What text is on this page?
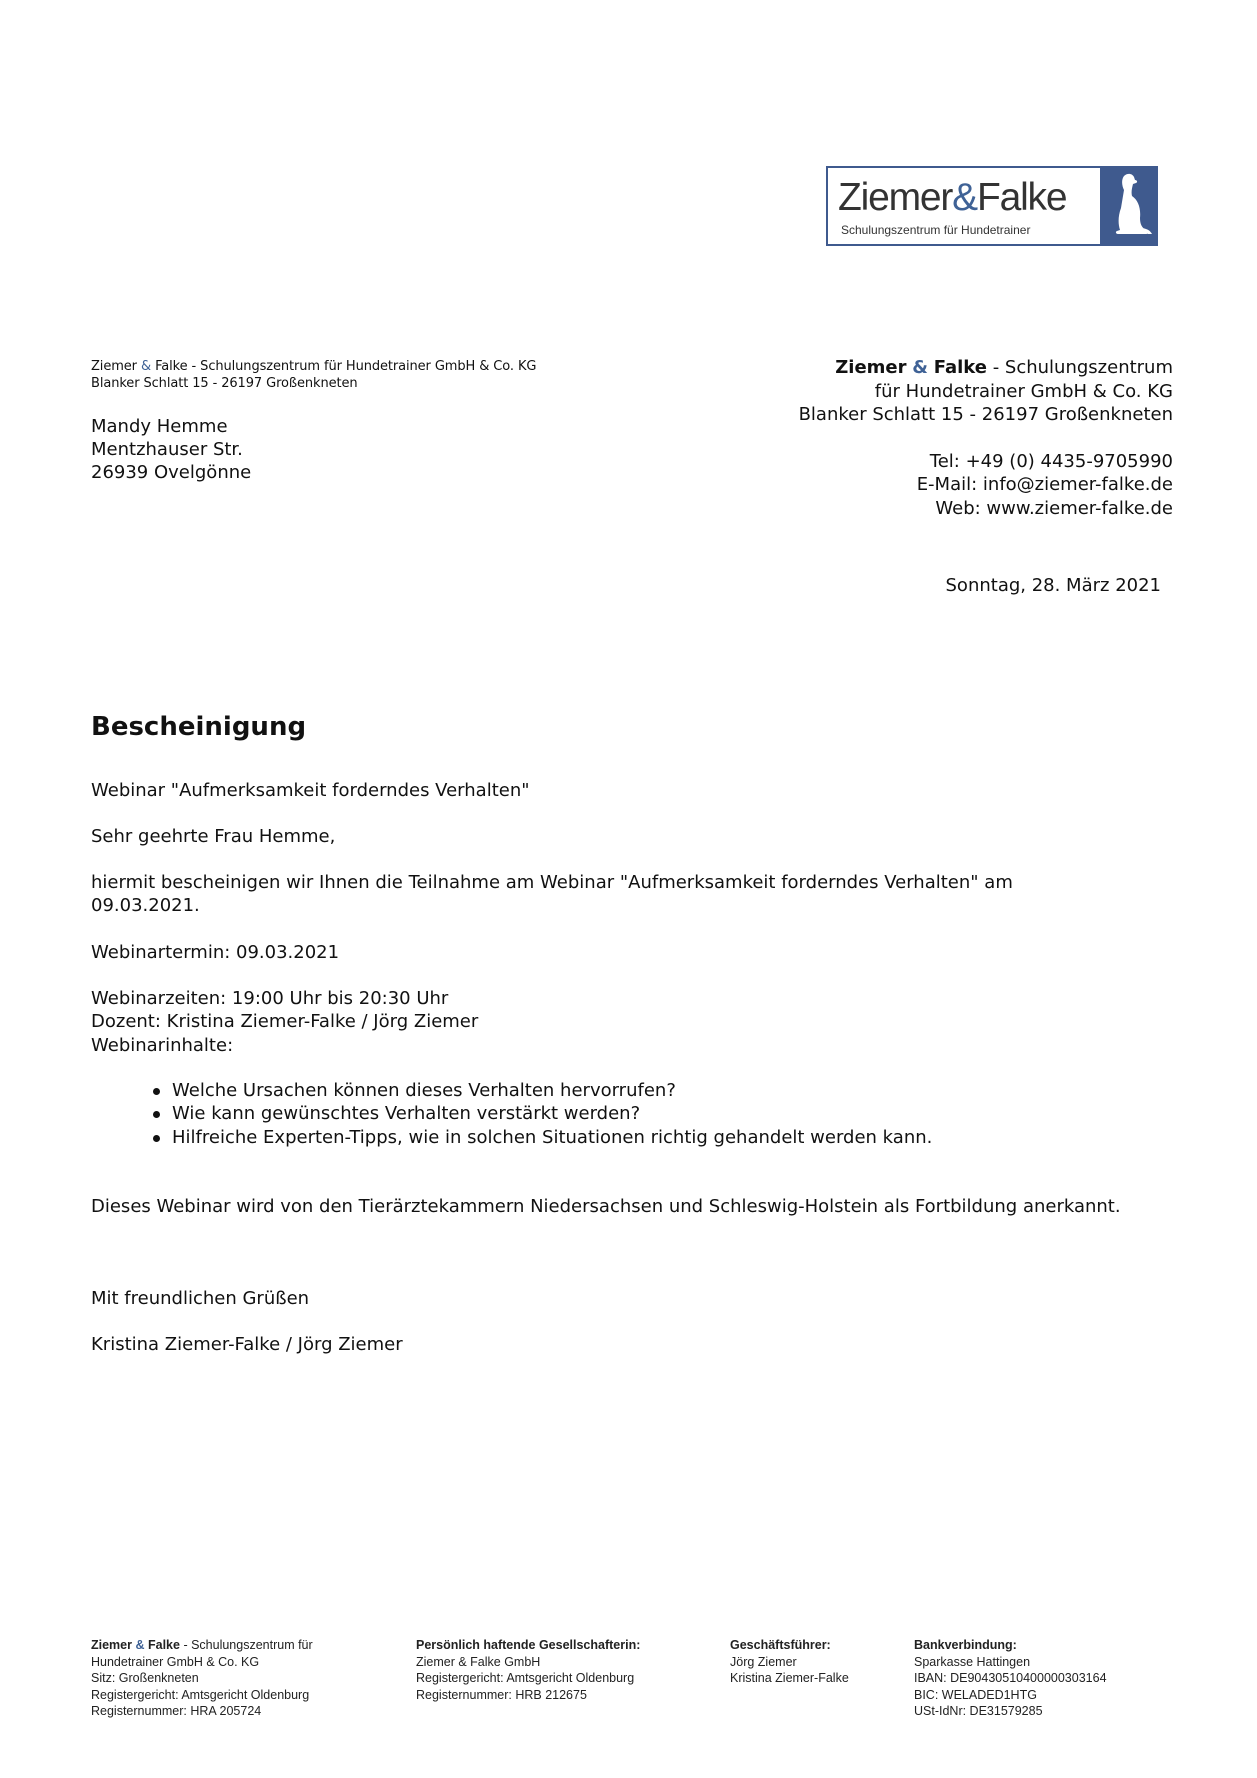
Ziemer&Falke
Schulungszentrum für Hundetrainer
Ziemer & Falke - Schulungszentrum für Hundetrainer GmbH & Co. KG
Blanker Schlatt 15 - 26197 Großenkneten
Mandy Hemme
Mentzhauser Str.
26939 Ovelgönne
Ziemer & Falke - Schulungszentrum
für Hundetrainer GmbH & Co. KG
Blanker Schlatt 15 - 26197 Großenkneten
Tel: +49 (0) 4435-9705990
E-Mail: info@ziemer-falke.de
Web: www.ziemer-falke.de
Sonntag, 28. März 2021
Bescheinigung
Webinar "Aufmerksamkeit forderndes Verhalten"
Sehr geehrte Frau Hemme,
hiermit bescheinigen wir Ihnen die Teilnahme am Webinar "Aufmerksamkeit forderndes Verhalten" am
09.03.2021.
Webinartermin: 09.03.2021
Webinarzeiten: 19:00 Uhr bis 20:30 Uhr
Dozent: Kristina Ziemer-Falke / Jörg Ziemer
Webinarinhalte:
Welche Ursachen können dieses Verhalten hervorrufen?
Wie kann gewünschtes Verhalten verstärkt werden?
Hilfreiche Experten-Tipps, wie in solchen Situationen richtig gehandelt werden kann.
Dieses Webinar wird von den Tierärztekammern Niedersachsen und Schleswig-Holstein als Fortbildung anerkannt.
Mit freundlichen Grüßen
Kristina Ziemer-Falke / Jörg Ziemer
Ziemer & Falke - Schulungszentrum für
Hundetrainer GmbH & Co. KG
Sitz: Großenkneten
Registergericht: Amtsgericht Oldenburg
Registernummer: HRA 205724
Persönlich haftende Gesellschafterin:
Ziemer & Falke GmbH
Registergericht: Amtsgericht Oldenburg
Registernummer: HRB 212675
Geschäftsführer:
Jörg Ziemer
Kristina Ziemer-Falke
Bankverbindung:
Sparkasse Hattingen
IBAN: DE90430510400000303164
BIC: WELADED1HTG
USt-IdNr: DE31579285
